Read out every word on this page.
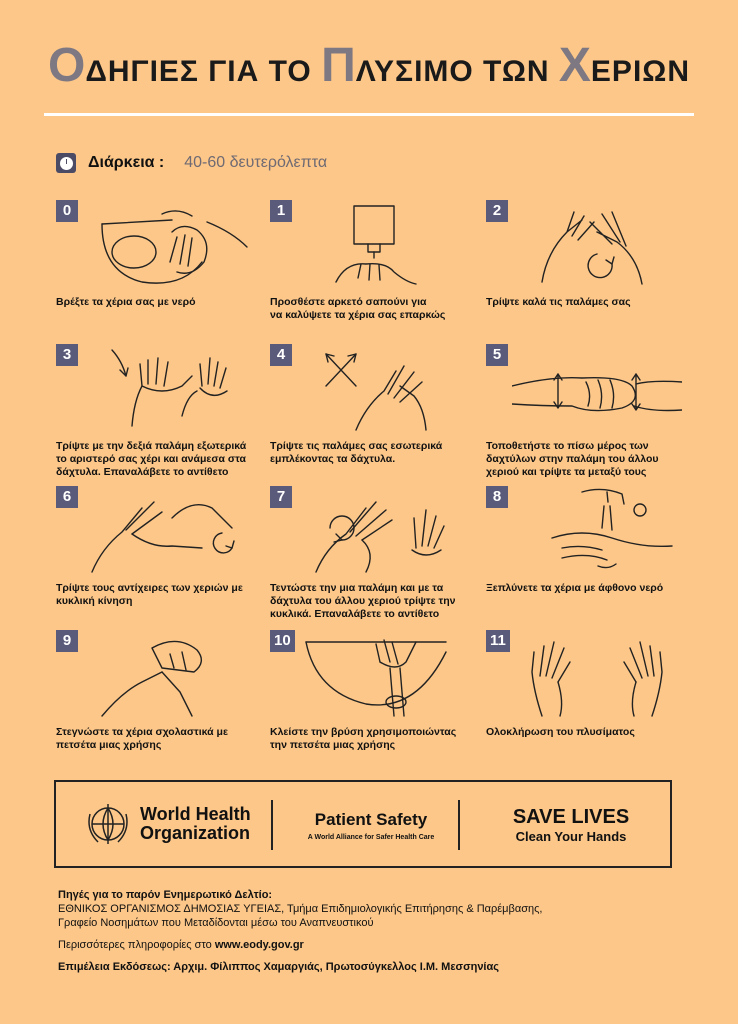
ΟΔΗΓΙΕΣ ΓΙΑ ΤΟ ΠΛΥΣΙΜΟ ΤΩΝ ΧΕΡΙΩΝ
Διάρκεια : 40-60 δευτερόλεπτα
0
Βρέξτε τα χέρια σας με νερό
1
Προσθέστε αρκετό σαπούνι για
να καλύψετε τα χέρια σας επαρκώς
2
Τρίψτε καλά τις παλάμες σας
3
Τρίψτε με την δεξιά παλάμη εξωτερικά
το αριστερό σας χέρι και ανάμεσα στα
δάχτυλα. Επαναλάβετε το αντίθετο
4
Τρίψτε τις παλάμες σας εσωτερικά
εμπλέκοντας τα δάχτυλα.
5
Τοποθετήστε το πίσω μέρος των
δαχτύλων στην παλάμη του άλλου
χεριού και τρίψτε τα μεταξύ τους
6
Τρίψτε τους αντίχειρες των χεριών με
κυκλική κίνηση
7
Τεντώστε την μια παλάμη και με τα
δάχτυλα του άλλου χεριού τρίψτε την
κυκλικά. Επαναλάβετε το αντίθετο
8
Ξεπλύνετε τα χέρια με άφθονο νερό
9
Στεγνώστε τα χέρια σχολαστικά με
πετσέτα μιας χρήσης
10
Κλείστε την βρύση χρησιμοποιώντας
την πετσέτα μιας χρήσης
11
Ολοκλήρωση του πλυσίματος
World Health
Organization
Patient Safety
A World Alliance for Safer Health Care
SAVE LIVES
Clean Your Hands
Πηγές για το παρόν Ενημερωτικό Δελτίο:
ΕΘΝΙΚΟΣ ΟΡΓΑΝΙΣΜΟΣ ΔΗΜΟΣΙΑΣ ΥΓΕΙΑΣ, Τμήμα Επιδημιολογικής Επιτήρησης & Παρέμβασης,
Γραφείο Νοσημάτων που Μεταδίδονται μέσω του Αναπνευστικού
Περισσότερες πληροφορίες στο www.eody.gov.gr
Επιμέλεια Εκδόσεως: Αρχιμ. Φίλιππος Χαμαργιάς, Πρωτοσύγκελλος Ι.Μ. Μεσσηνίας
